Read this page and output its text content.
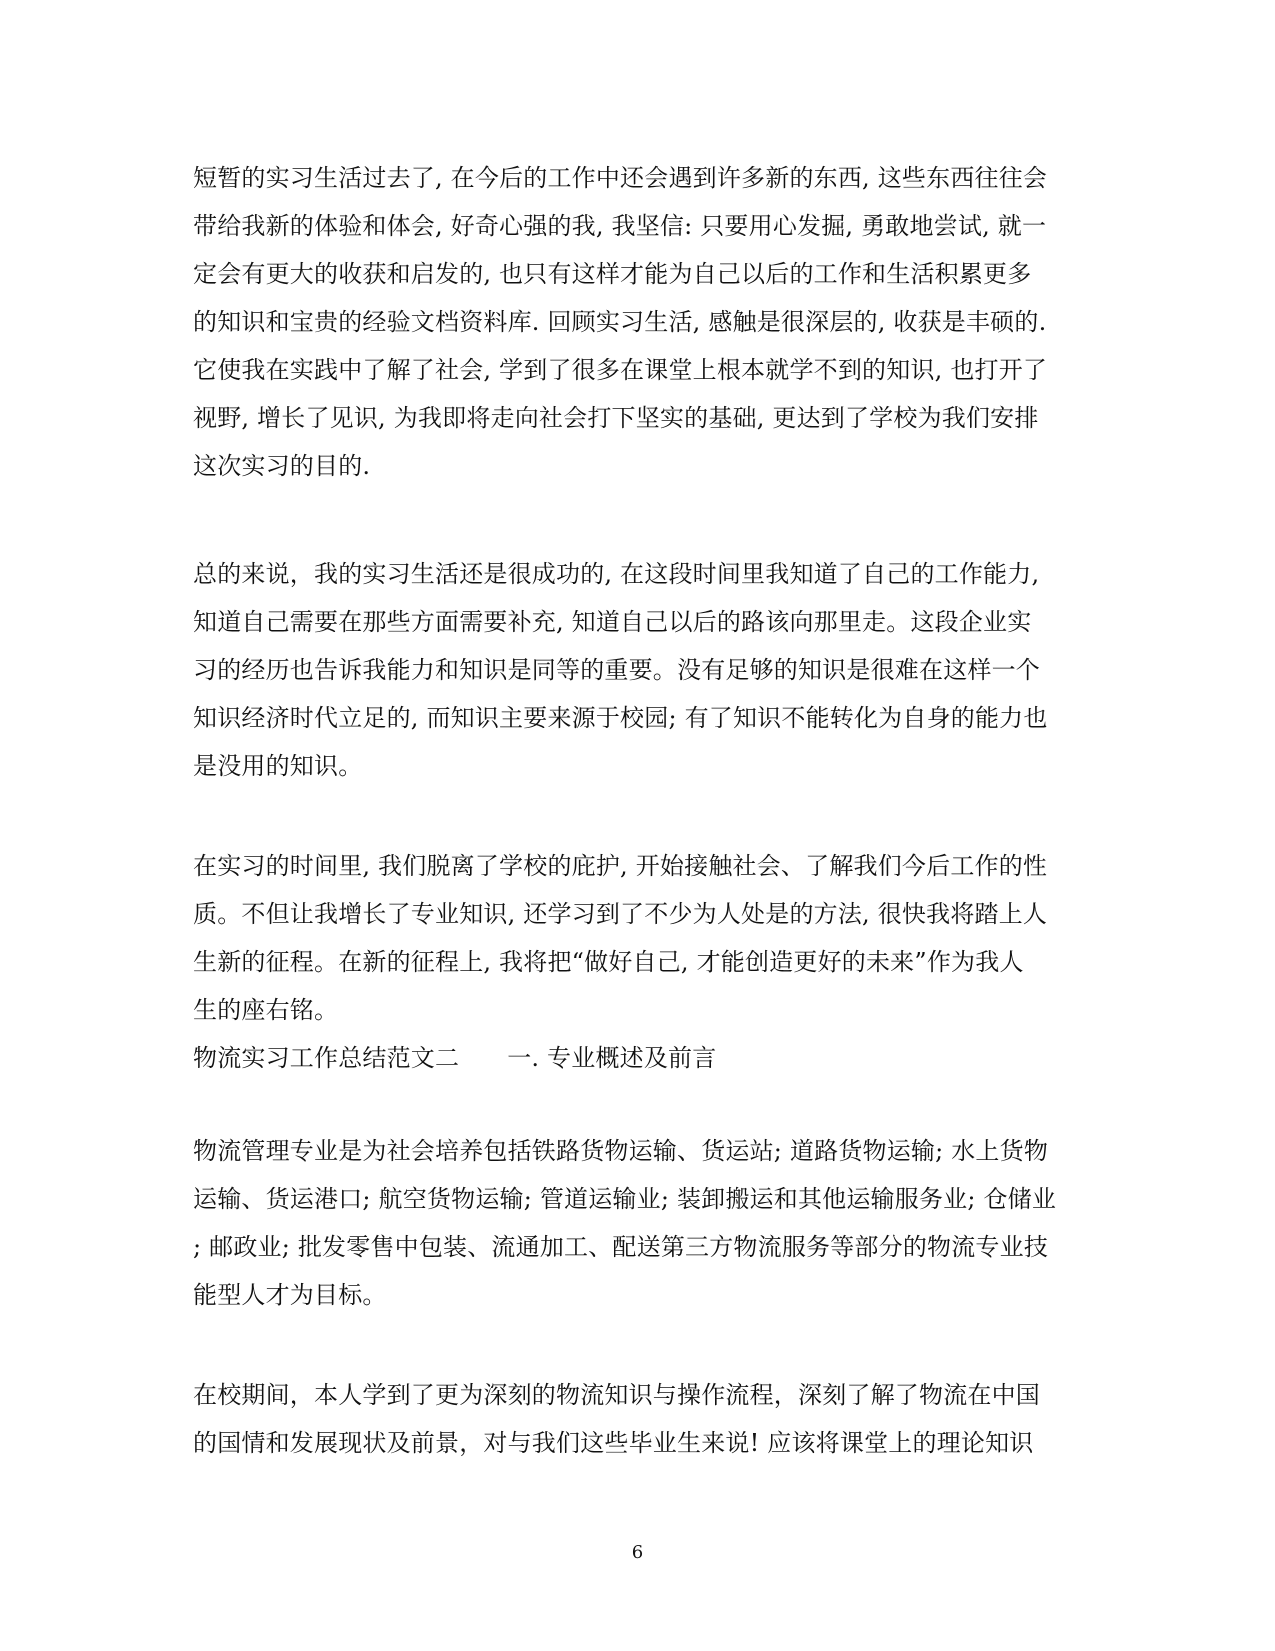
短暂的实习生活过去了, 在今后的工作中还会遇到许多新的东西, 这些东西往往会
带给我新的体验和体会, 好奇心强的我, 我坚信: 只要用心发掘, 勇敢地尝试, 就一
定会有更大的收获和启发的, 也只有这样才能为自己以后的工作和生活积累更多
的知识和宝贵的经验文档资料库. 回顾实习生活, 感触是很深层的, 收获是丰硕的.
它使我在实践中了解了社会, 学到了很多在课堂上根本就学不到的知识, 也打开了
视野, 增长了见识, 为我即将走向社会打下坚实的基础, 更达到了学校为我们安排
这次实习的目的.
总的来说，我的实习生活还是很成功的, 在这段时间里我知道了自己的工作能力,
知道自己需要在那些方面需要补充, 知道自己以后的路该向那里走。这段企业实
习的经历也告诉我能力和知识是同等的重要。没有足够的知识是很难在这样一个
知识经济时代立足的, 而知识主要来源于校园; 有了知识不能转化为自身的能力也
是没用的知识。
在实习的时间里, 我们脱离了学校的庇护, 开始接触社会、了解我们今后工作的性
质。不但让我增长了专业知识, 还学习到了不少为人处是的方法, 很快我将踏上人
生新的征程。在新的征程上, 我将把“做好自己, 才能创造更好的未来”作为我人
生的座右铭。
物流实习工作总结范文二 一. 专业概述及前言
物流管理专业是为社会培养包括铁路货物运输、货运站; 道路货物运输; 水上货物
运输、货运港口; 航空货物运输; 管道运输业; 装卸搬运和其他运输服务业; 仓储业
; 邮政业; 批发零售中包装、流通加工、配送第三方物流服务等部分的物流专业技
能型人才为目标。
在校期间，本人学到了更为深刻的物流知识与操作流程，深刻了解了物流在中国
的国情和发展现状及前景，对与我们这些毕业生来说! 应该将课堂上的理论知识
6
